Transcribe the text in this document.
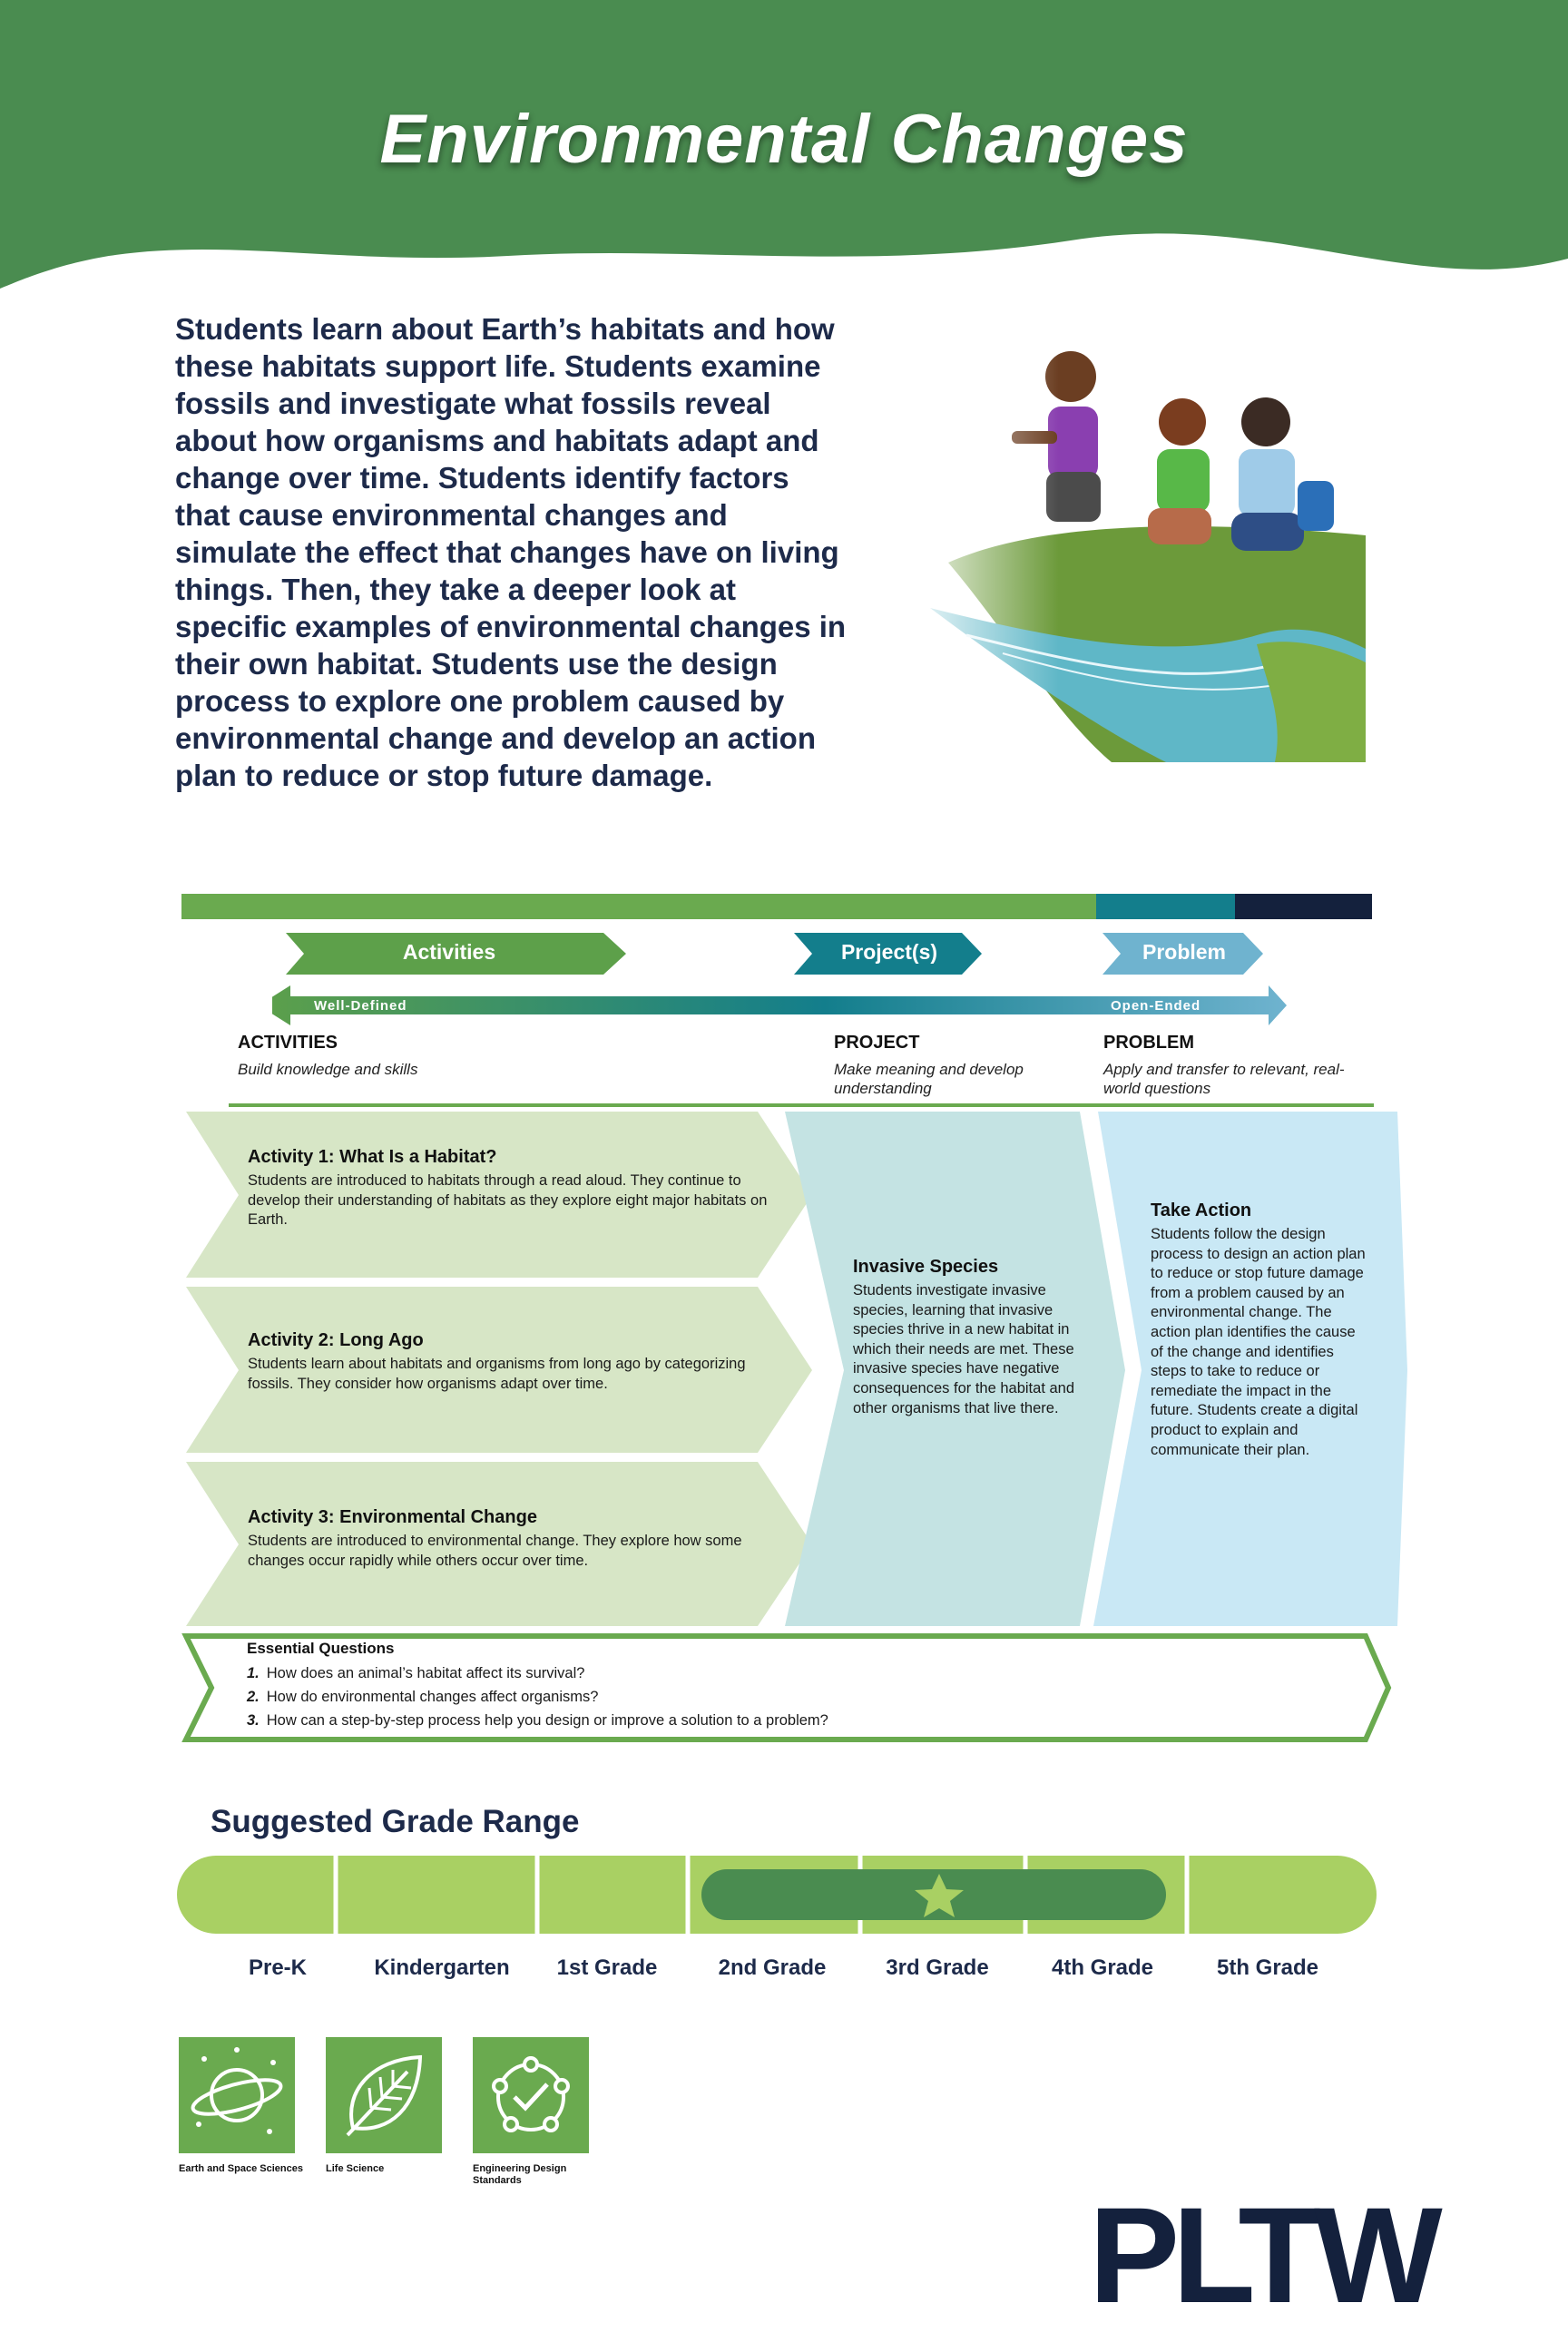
Environmental Changes
Students learn about Earth’s habitats and how these habitats support life. Students examine fossils and investigate what fossils reveal about how organisms and habitats adapt and change over time. Students identify factors that cause environmental changes and simulate the effect that changes have on living things. Then, they take a deeper look at specific examples of environmental changes in their own habitat. Students use the design process to explore one problem caused by environmental change and develop an action plan to reduce or stop future damage.
Activities	Project(s)	Problem
Well-Defined	Open-Ended
ACTIVITIES
Build knowledge and skills
PROJECT
Make meaning and develop understanding
PROBLEM
Apply and transfer to relevant, real-world questions
Activity 1: What Is a Habitat?

Students are introduced to habitats through a read aloud. They continue to develop their understanding of habitats as they explore eight major habitats on Earth.

Activity 2: Long Ago

Students learn about habitats and organisms from long ago by categorizing fossils. They consider how organisms adapt over time.

Activity 3: Environmental Change

Students are introduced to environmental change. They explore how some changes occur rapidly while others occur over time.

Invasive Species

Students investigate invasive species, learning that invasive species thrive in a new habitat in which their needs are met. These invasive species have negative consequences for the habitat and other organisms that live there.

Take Action

Students follow the design process to design an action plan to reduce or stop future damage from a problem caused by an environmental change. The action plan identifies the cause of the change and identifies steps to take to reduce or remediate the impact in the future. Students create a digital product to explain and communicate their plan.

Essential Questions
1. How does an animal’s habitat affect its survival?
2. How do environmental changes affect organisms?
3. How can a step-by-step process help you design or improve a solution to a problem?
Suggested Grade Range
Pre-K	Kindergarten	1st Grade	2nd Grade	3rd Grade	4th Grade	5th Grade
Earth and Space Sciences	Life Science	Engineering Design Standards	PLTW
